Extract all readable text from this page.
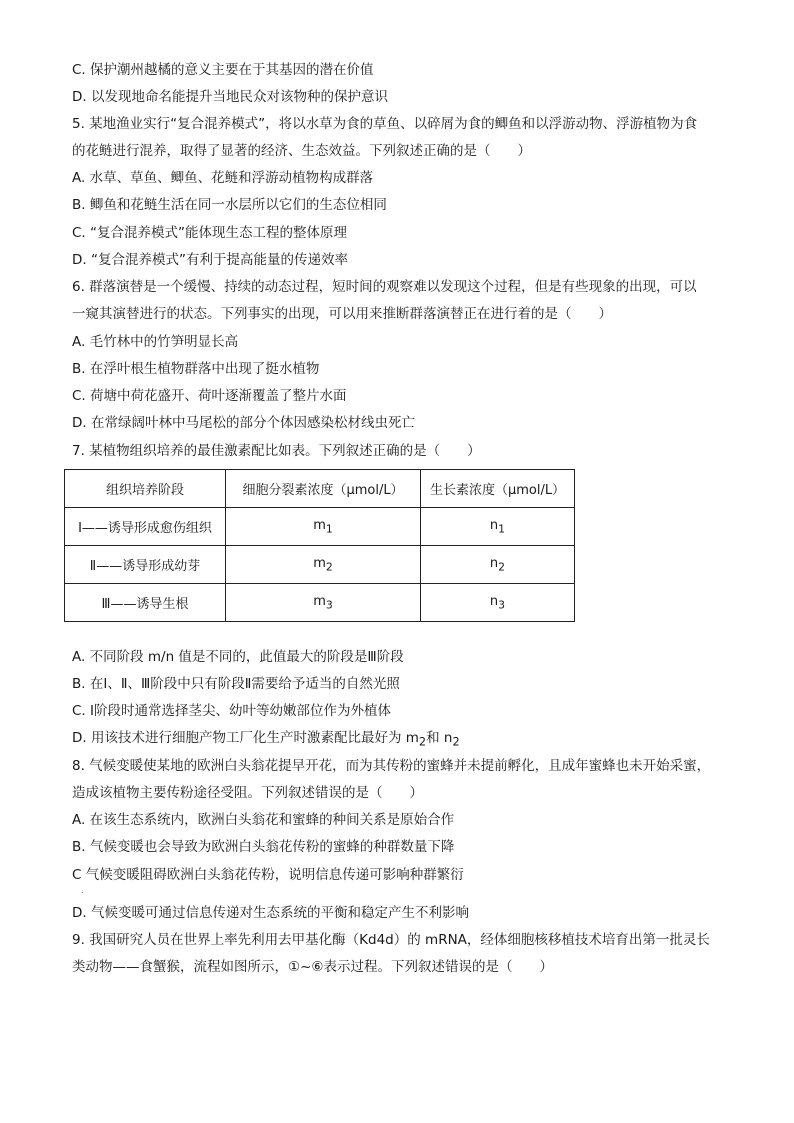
C. 保护潮州越橘的意义主要在于其基因的潜在价值
D. 以发现地命名能提升当地民众对该物种的保护意识
5. 某地渔业实行“复合混养模式”，将以水草为食的草鱼、以碎屑为食的鲫鱼和以浮游动物、浮游植物为食
的花鲢进行混养，取得了显著的经济、生态效益。下列叙述正确的是（　　）
A. 水草、草鱼、鲫鱼、花鲢和浮游动植物构成群落
B. 鲫鱼和花鲢生活在同一水层所以它们的生态位相同
C. “复合混养模式”能体现生态工程的整体原理
D. “复合混养模式”有利于提高能量的传递效率
6. 群落演替是一个缓慢、持续的动态过程，短时间的观察难以发现这个过程，但是有些现象的出现，可以
一窥其演替进行的状态。下列事实的出现，可以用来推断群落演替正在进行着的是（　　）
A. 毛竹林中的竹笋明显长高
B. 在浮叶根生植物群落中出现了挺水植物
C. 荷塘中荷花盛开、荷叶逐渐覆盖了整片水面
D. 在常绿阔叶林中马尾松的部分个体因感染松材线虫死亡
7. 某植物组织培养的最佳激素配比如表。下列叙述正确的是（　　）
组织培养阶段	细胞分裂素浓度（μmol/L）	生长素浓度（μmol/L）
Ⅰ——诱导形成愈伤组织	$m_1$	$n_1$
Ⅱ——诱导形成幼芽	$m_2$	$n_2$
Ⅲ——诱导生根	$m_3$	$n_3$
A. 不同阶段 m/n 值是不同的，此值最大的阶段是Ⅲ阶段
B. 在Ⅰ、Ⅱ、Ⅲ阶段中只有阶段Ⅱ需要给予适当的自然光照
C. Ⅰ阶段时通常选择茎尖、幼叶等幼嫩部位作为外植体
D. 用该技术进行细胞产物工厂化生产时激素配比最好为 $m_2$和 $n_2$
8. 气候变暖使某地的欧洲白头翁花提早开花，而为其传粉的蜜蜂并未提前孵化，且成年蜜蜂也未开始采蜜，
造成该植物主要传粉途径受阻。下列叙述错误的是（　　）
A. 在该生态系统内，欧洲白头翁花和蜜蜂的种间关系是原始合作
B. 气候变暖也会导致为欧洲白头翁花传粉的蜜蜂的种群数量下降
C 气候变暖阻碍欧洲白头翁花传粉，说明信息传递可影响种群繁衍
.
D. 气候变暖可通过信息传递对生态系统的平衡和稳定产生不利影响
9. 我国研究人员在世界上率先利用去甲基化酶（Kd4d）的 mRNA，经体细胞核移植技术培育出第一批灵长
类动物——食蟹猴，流程如图所示，①~⑥表示过程。下列叙述错误的是（　　）
